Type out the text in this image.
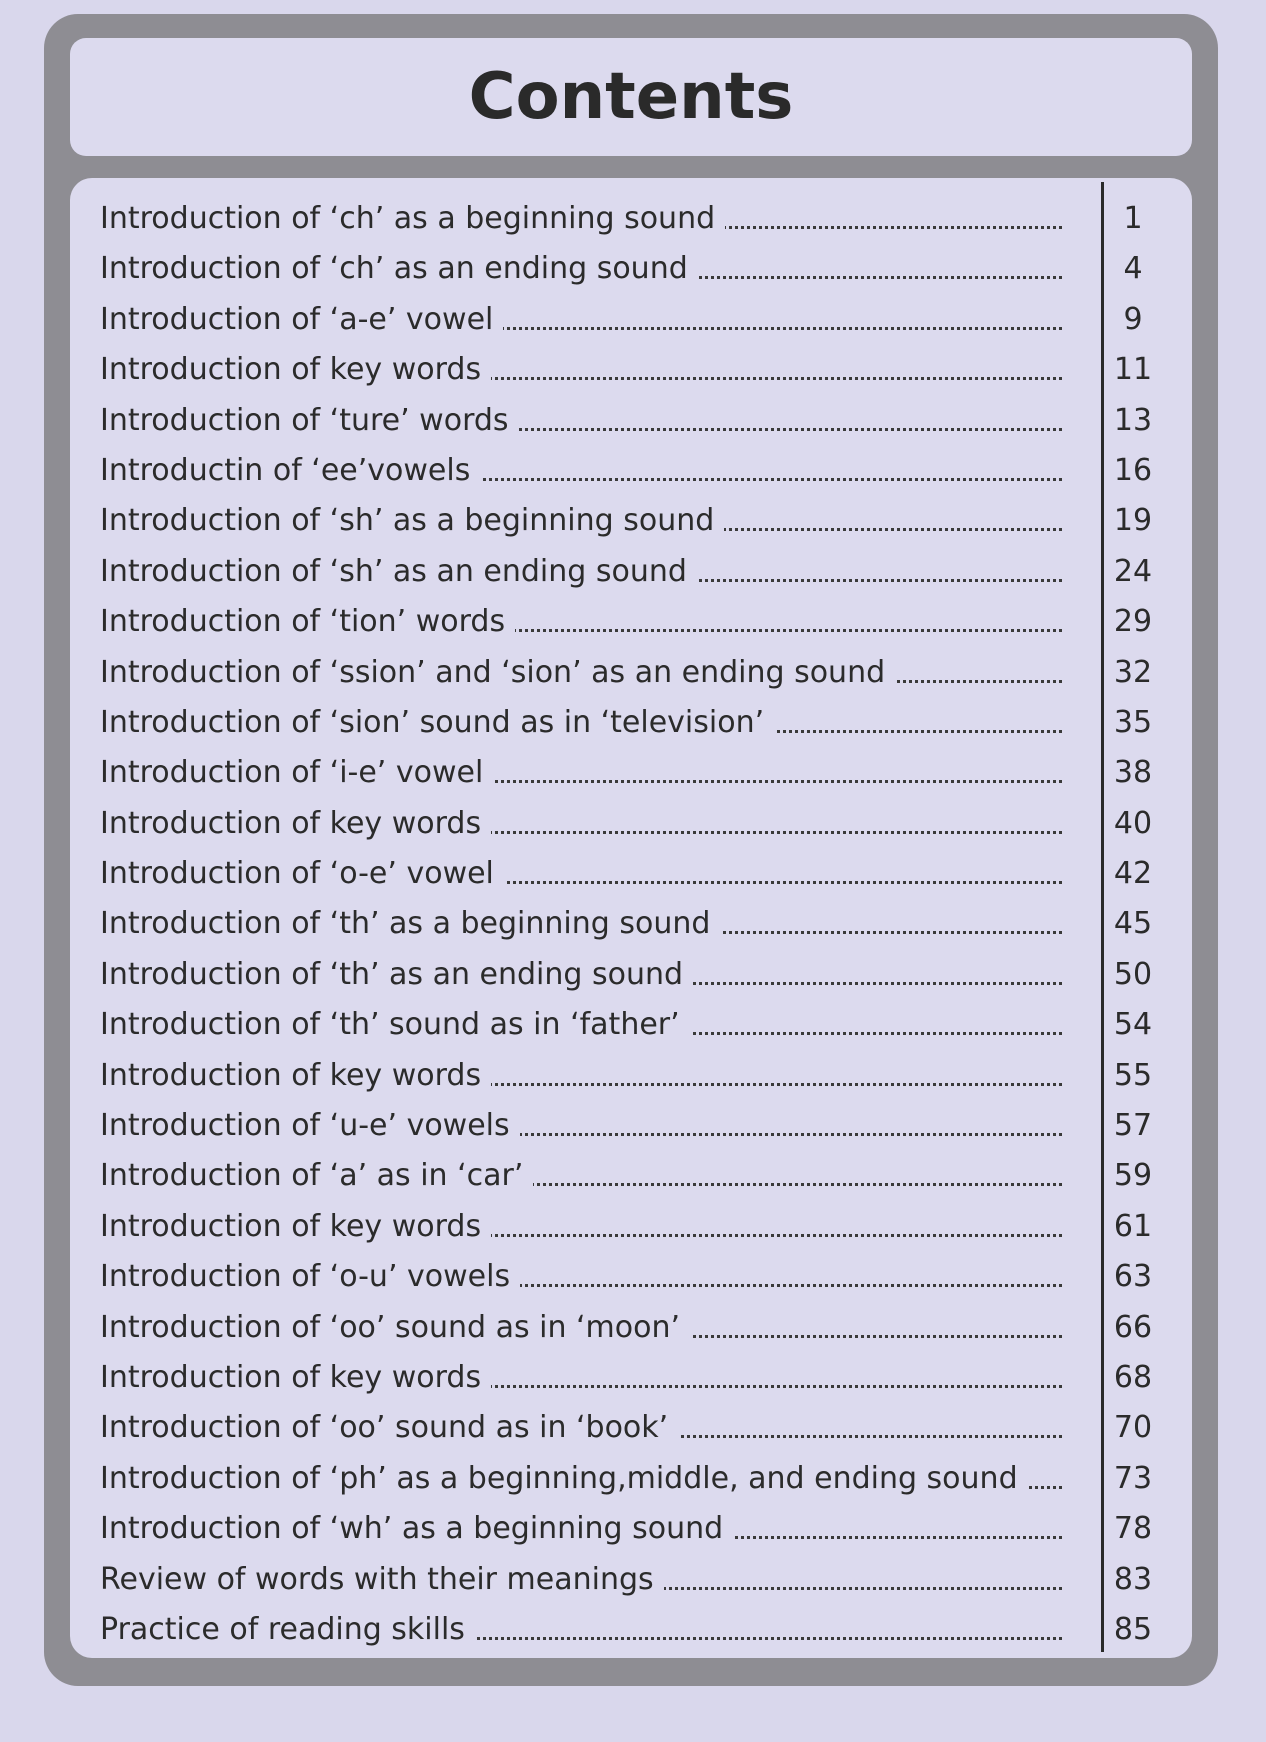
Contents
Introduction of ‘ch’ as a beginning sound	1
Introduction of ‘ch’ as an ending sound	4
Introduction of ‘a-e’ vowel	9
Introduction of key words	11
Introduction of ‘ture’ words	13
Introductin of ‘ee’vowels	16
Introduction of ‘sh’ as a beginning sound	19
Introduction of ‘sh’ as an ending sound	24
Introduction of ‘tion’ words	29
Introduction of ‘ssion’ and ‘sion’ as an ending sound	32
Introduction of ‘sion’ sound as in ‘television’	35
Introduction of ‘i-e’ vowel	38
Introduction of key words	40
Introduction of ‘o-e’ vowel	42
Introduction of ‘th’ as a beginning sound	45
Introduction of ‘th’ as an ending sound	50
Introduction of ‘th’ sound as in ‘father’	54
Introduction of key words	55
Introduction of ‘u-e’ vowels	57
Introduction of ‘a’ as in ‘car’	59
Introduction of key words	61
Introduction of ‘o-u’ vowels	63
Introduction of ‘oo’ sound as in ‘moon’	66
Introduction of key words	68
Introduction of ‘oo’ sound as in ‘book’	70
Introduction of ‘ph’ as a beginning,middle, and ending sound	73
Introduction of ‘wh’ as a beginning sound	78
Review of words with their meanings	83
Practice of reading skills	85
